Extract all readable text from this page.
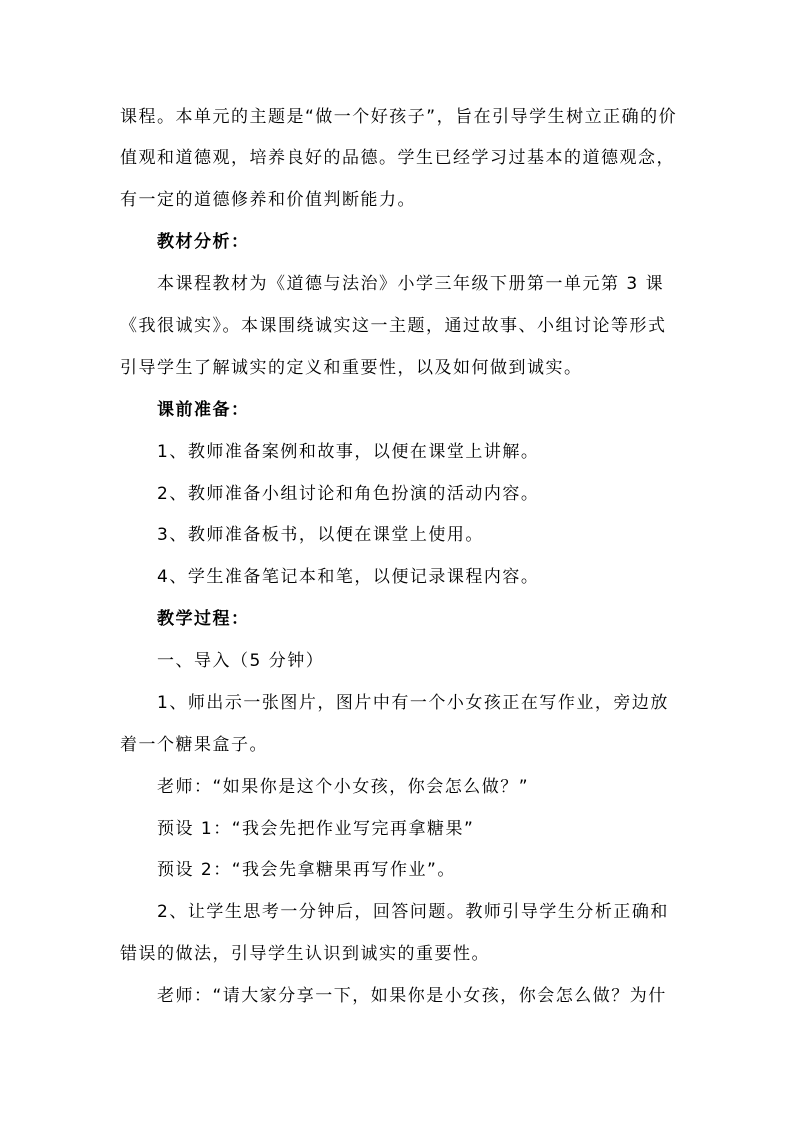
课程。本单元的主题是“做一个好孩子”，旨在引导学生树立正确的价
值观和道德观，培养良好的品德。学生已经学习过基本的道德观念，
有一定的道德修养和价值判断能力。
教材分析：
本课程教材为《道德与法治》小学三年级下册第一单元第 3 课
《我很诚实》。本课围绕诚实这一主题，通过故事、小组讨论等形式
引导学生了解诚实的定义和重要性，以及如何做到诚实。
课前准备：
1、教师准备案例和故事，以便在课堂上讲解。
2、教师准备小组讨论和角色扮演的活动内容。
3、教师准备板书，以便在课堂上使用。
4、学生准备笔记本和笔，以便记录课程内容。
教学过程：
一、导入（5 分钟）
1、师出示一张图片，图片中有一个小女孩正在写作业，旁边放
着一个糖果盒子。
老师：“如果你是这个小女孩，你会怎么做？”
预设 1：“我会先把作业写完再拿糖果”
预设 2：“我会先拿糖果再写作业”。
2、让学生思考一分钟后，回答问题。教师引导学生分析正确和
错误的做法，引导学生认识到诚实的重要性。
老师：“请大家分享一下，如果你是小女孩，你会怎么做？为什
